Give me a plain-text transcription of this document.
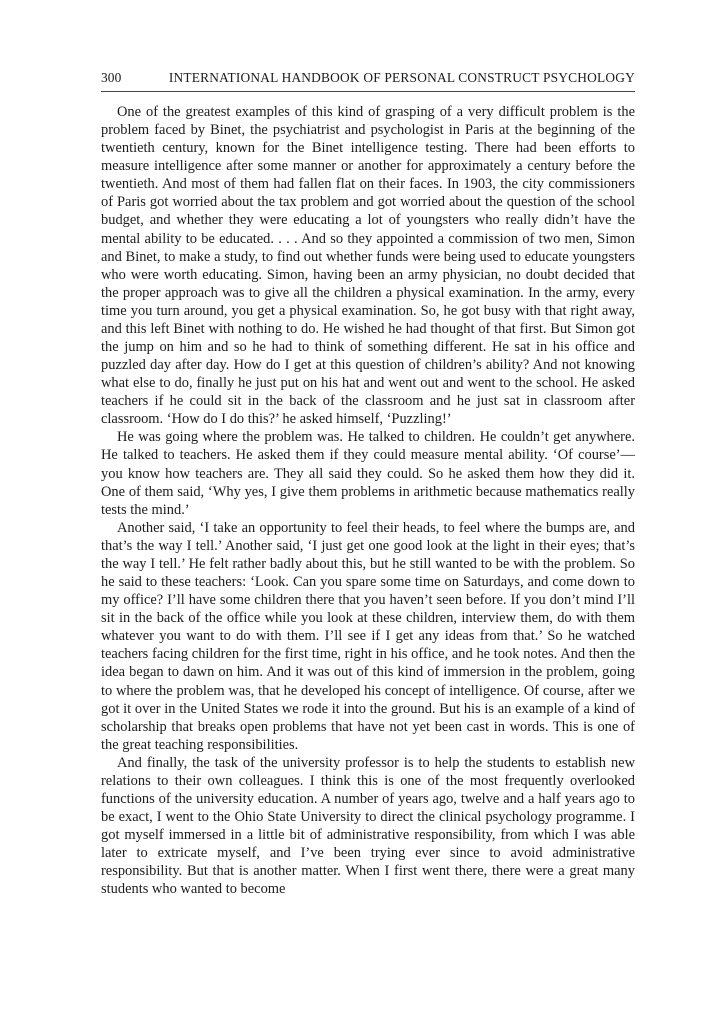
300	INTERNATIONAL HANDBOOK OF PERSONAL CONSTRUCT PSYCHOLOGY

One of the greatest examples of this kind of grasping of a very difficult problem is the problem faced by Binet, the psychiatrist and psychologist in Paris at the beginning of the twentieth century, known for the Binet intelligence testing. There had been efforts to measure intelligence after some manner or another for approximately a century before the twentieth. And most of them had fallen flat on their faces. In 1903, the city commissioners of Paris got worried about the tax problem and got worried about the question of the school budget, and whether they were educating a lot of youngsters who really didn’t have the mental ability to be educated. . . . And so they appointed a commission of two men, Simon and Binet, to make a study, to find out whether funds were being used to educate youngsters who were worth educating. Simon, having been an army physician, no doubt decided that the proper approach was to give all the children a physical examination. In the army, every time you turn around, you get a physical examination. So, he got busy with that right away, and this left Binet with nothing to do. He wished he had thought of that first. But Simon got the jump on him and so he had to think of something different. He sat in his office and puzzled day after day. How do I get at this question of children’s ability? And not knowing what else to do, finally he just put on his hat and went out and went to the school. He asked teachers if he could sit in the back of the classroom and he just sat in classroom after classroom. ‘How do I do this?’ he asked himself, ‘Puzzling!’

He was going where the problem was. He talked to children. He couldn’t get anywhere. He talked to teachers. He asked them if they could measure mental ability. ‘Of course’—you know how teachers are. They all said they could. So he asked them how they did it. One of them said, ‘Why yes, I give them problems in arithmetic because mathematics really tests the mind.’

Another said, ‘I take an opportunity to feel their heads, to feel where the bumps are, and that’s the way I tell.’ Another said, ‘I just get one good look at the light in their eyes; that’s the way I tell.’ He felt rather badly about this, but he still wanted to be with the problem. So he said to these teachers: ‘Look. Can you spare some time on Saturdays, and come down to my office? I’ll have some children there that you haven’t seen before. If you don’t mind I’ll sit in the back of the office while you look at these children, interview them, do with them whatever you want to do with them. I’ll see if I get any ideas from that.’ So he watched teachers facing children for the first time, right in his office, and he took notes. And then the idea began to dawn on him. And it was out of this kind of immersion in the problem, going to where the problem was, that he developed his concept of intelligence. Of course, after we got it over in the United States we rode it into the ground. But his is an example of a kind of scholarship that breaks open problems that have not yet been cast in words. This is one of the great teaching responsibilities.

And finally, the task of the university professor is to help the students to establish new relations to their own colleagues. I think this is one of the most frequently overlooked functions of the university education. A number of years ago, twelve and a half years ago to be exact, I went to the Ohio State University to direct the clinical psychology programme. I got myself immersed in a little bit of administrative responsibility, from which I was able later to extricate myself, and I’ve been trying ever since to avoid administrative responsibility. But that is another matter. When I first went there, there were a great many students who wanted to become
